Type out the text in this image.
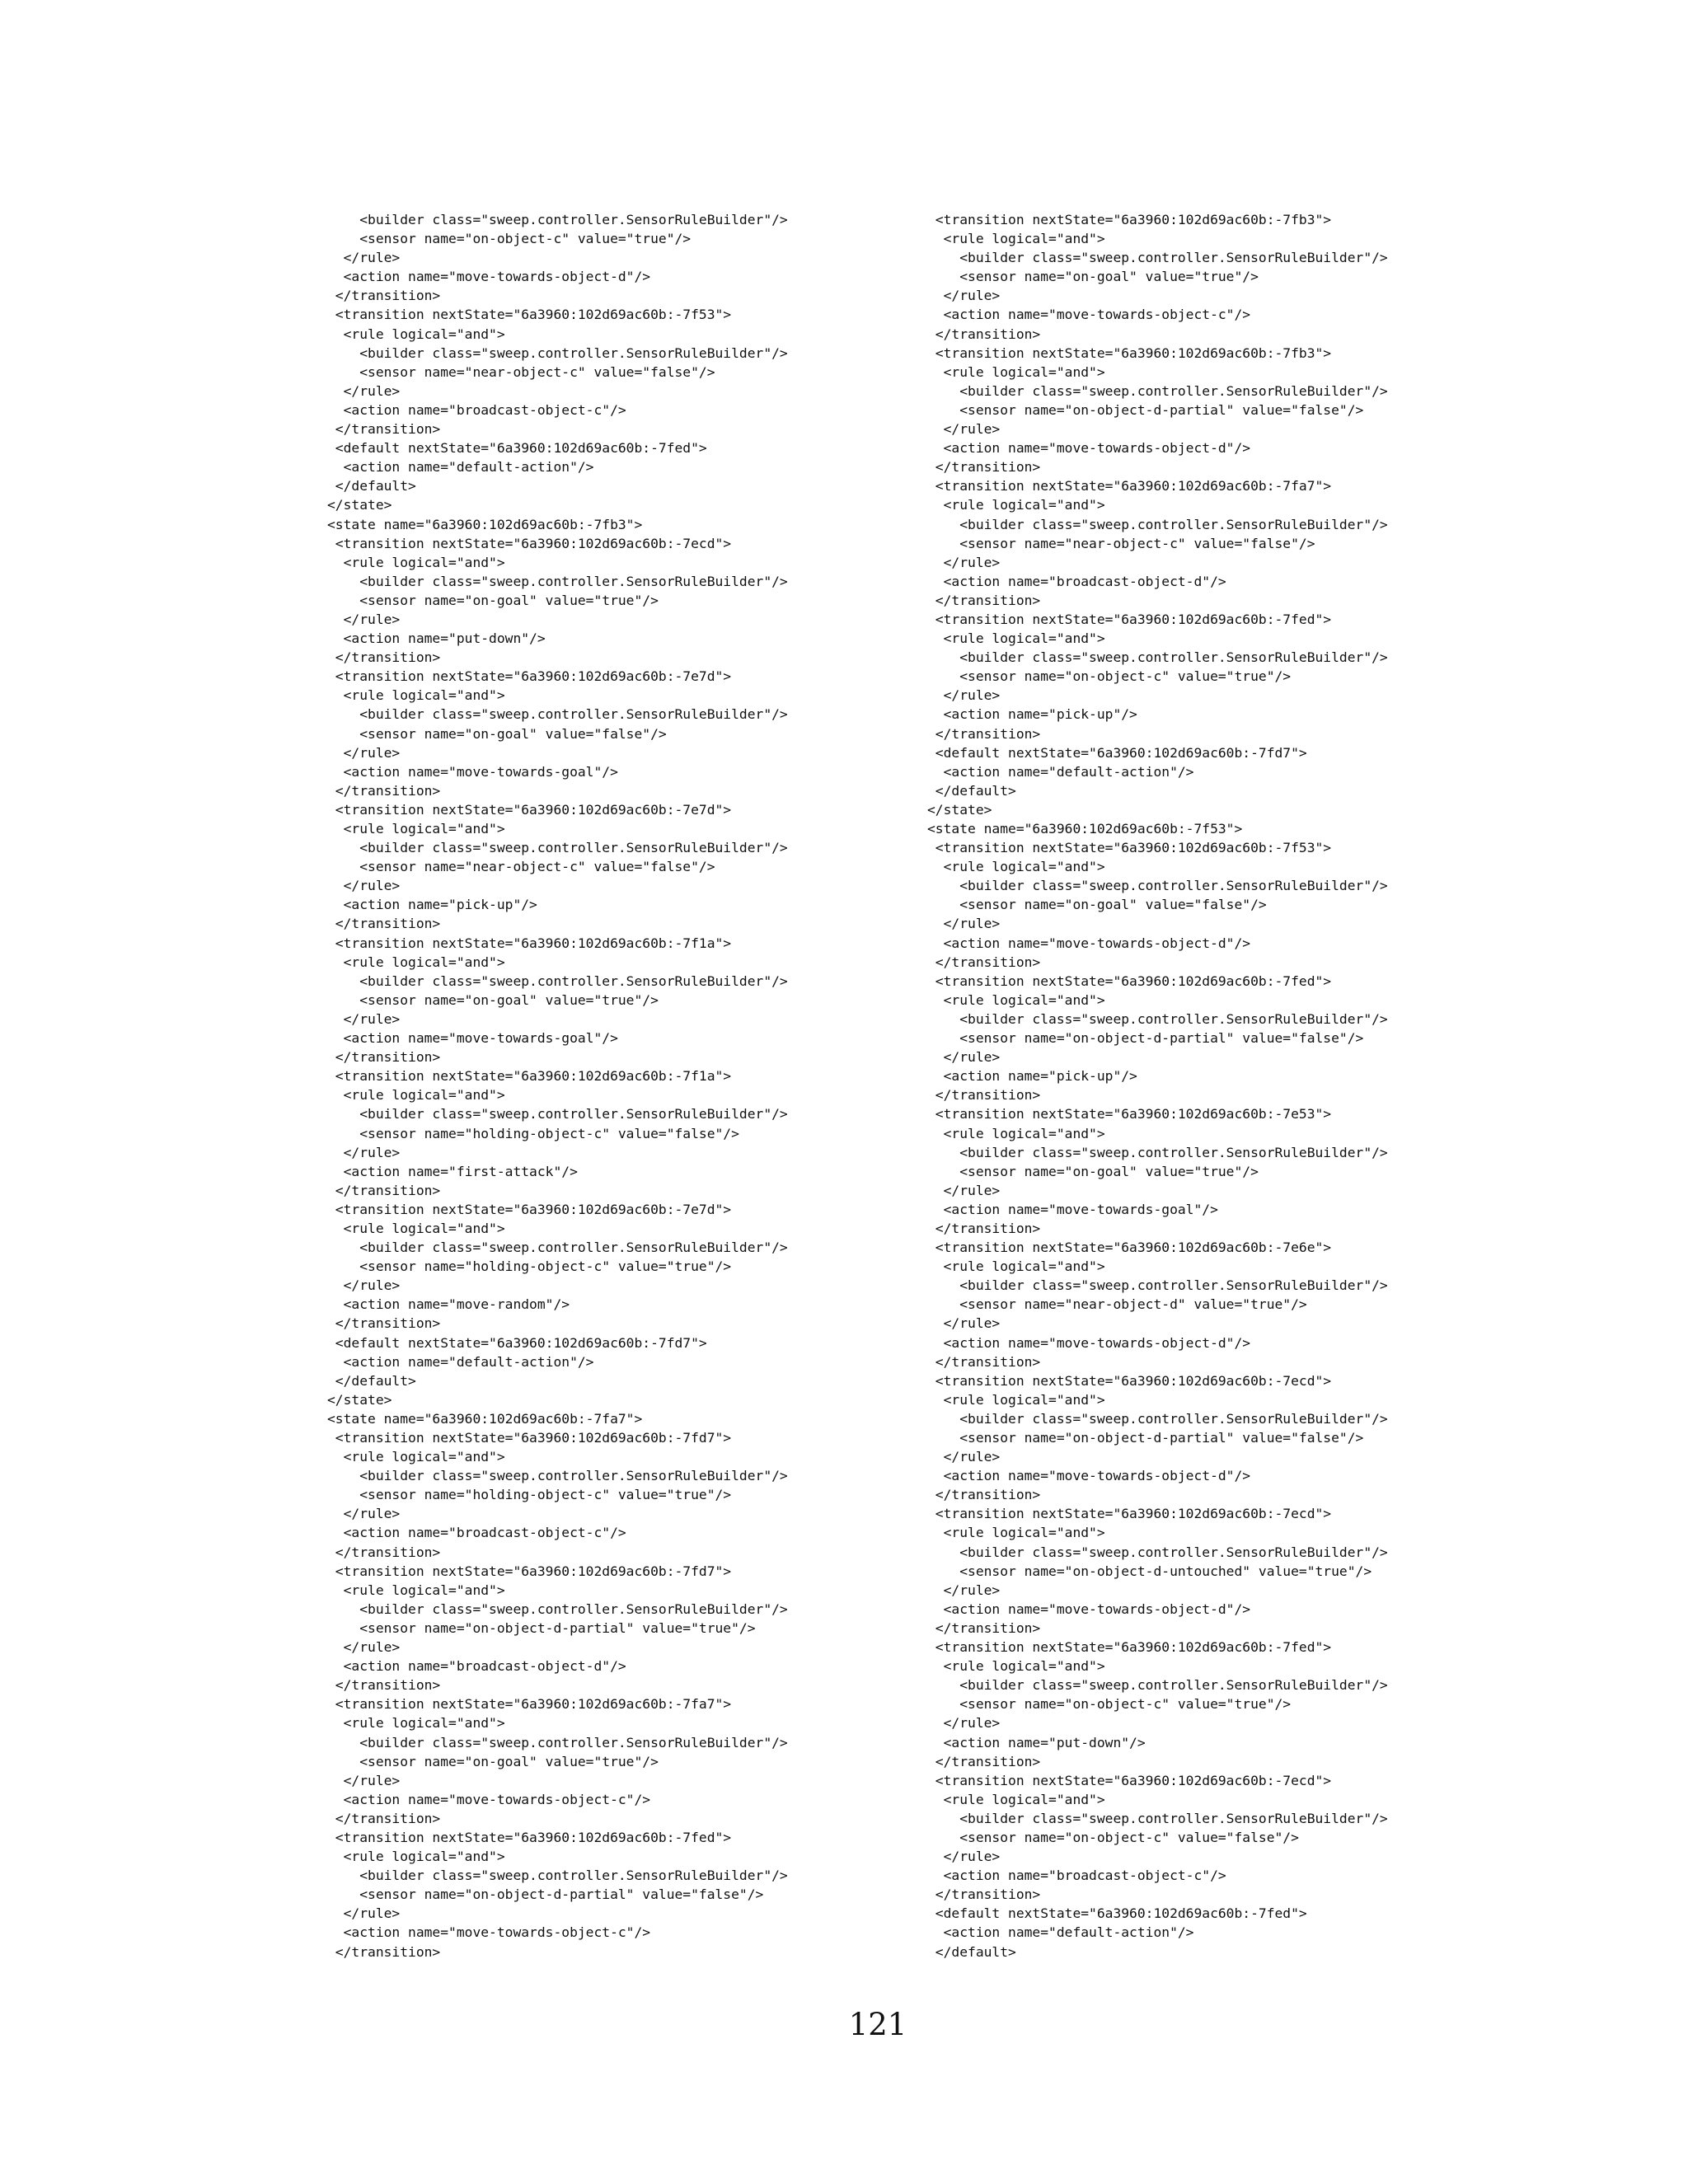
<builder class="sweep.controller.SensorRuleBuilder"/>
<sensor name="on-object-c" value="true"/>
</rule>
<action name="move-towards-object-d"/>
</transition>
<transition nextState="6a3960:102d69ac60b:-7f53">
<rule logical="and">
<builder class="sweep.controller.SensorRuleBuilder"/>
<sensor name="near-object-c" value="false"/>
</rule>
<action name="broadcast-object-c"/>
</transition>
<default nextState="6a3960:102d69ac60b:-7fed">
<action name="default-action"/>
</default>
</state>
<state name="6a3960:102d69ac60b:-7fb3">
<transition nextState="6a3960:102d69ac60b:-7ecd">
<rule logical="and">
<builder class="sweep.controller.SensorRuleBuilder"/>
<sensor name="on-goal" value="true"/>
</rule>
<action name="put-down"/>
</transition>
<transition nextState="6a3960:102d69ac60b:-7e7d">
<rule logical="and">
<builder class="sweep.controller.SensorRuleBuilder"/>
<sensor name="on-goal" value="false"/>
</rule>
<action name="move-towards-goal"/>
</transition>
<transition nextState="6a3960:102d69ac60b:-7e7d">
<rule logical="and">
<builder class="sweep.controller.SensorRuleBuilder"/>
<sensor name="near-object-c" value="false"/>
</rule>
<action name="pick-up"/>
</transition>
<transition nextState="6a3960:102d69ac60b:-7f1a">
<rule logical="and">
<builder class="sweep.controller.SensorRuleBuilder"/>
<sensor name="on-goal" value="true"/>
</rule>
<action name="move-towards-goal"/>
</transition>
<transition nextState="6a3960:102d69ac60b:-7f1a">
<rule logical="and">
<builder class="sweep.controller.SensorRuleBuilder"/>
<sensor name="holding-object-c" value="false"/>
</rule>
<action name="first-attack"/>
</transition>
<transition nextState="6a3960:102d69ac60b:-7e7d">
<rule logical="and">
<builder class="sweep.controller.SensorRuleBuilder"/>
<sensor name="holding-object-c" value="true"/>
</rule>
<action name="move-random"/>
</transition>
<default nextState="6a3960:102d69ac60b:-7fd7">
<action name="default-action"/>
</default>
</state>
<state name="6a3960:102d69ac60b:-7fa7">
<transition nextState="6a3960:102d69ac60b:-7fd7">
<rule logical="and">
<builder class="sweep.controller.SensorRuleBuilder"/>
<sensor name="holding-object-c" value="true"/>
</rule>
<action name="broadcast-object-c"/>
</transition>
<transition nextState="6a3960:102d69ac60b:-7fd7">
<rule logical="and">
<builder class="sweep.controller.SensorRuleBuilder"/>
<sensor name="on-object-d-partial" value="true"/>
</rule>
<action name="broadcast-object-d"/>
</transition>
<transition nextState="6a3960:102d69ac60b:-7fa7">
<rule logical="and">
<builder class="sweep.controller.SensorRuleBuilder"/>
<sensor name="on-goal" value="true"/>
</rule>
<action name="move-towards-object-c"/>
</transition>
<transition nextState="6a3960:102d69ac60b:-7fed">
<rule logical="and">
<builder class="sweep.controller.SensorRuleBuilder"/>
<sensor name="on-object-d-partial" value="false"/>
</rule>
<action name="move-towards-object-c"/>
</transition>
<transition nextState="6a3960:102d69ac60b:-7fb3">
<rule logical="and">
<builder class="sweep.controller.SensorRuleBuilder"/>
<sensor name="on-goal" value="true"/>
</rule>
<action name="move-towards-object-c"/>
</transition>
<transition nextState="6a3960:102d69ac60b:-7fb3">
<rule logical="and">
<builder class="sweep.controller.SensorRuleBuilder"/>
<sensor name="on-object-d-partial" value="false"/>
</rule>
<action name="move-towards-object-d"/>
</transition>
<transition nextState="6a3960:102d69ac60b:-7fa7">
<rule logical="and">
<builder class="sweep.controller.SensorRuleBuilder"/>
<sensor name="near-object-c" value="false"/>
</rule>
<action name="broadcast-object-d"/>
</transition>
<transition nextState="6a3960:102d69ac60b:-7fed">
<rule logical="and">
<builder class="sweep.controller.SensorRuleBuilder"/>
<sensor name="on-object-c" value="true"/>
</rule>
<action name="pick-up"/>
</transition>
<default nextState="6a3960:102d69ac60b:-7fd7">
<action name="default-action"/>
</default>
</state>
<state name="6a3960:102d69ac60b:-7f53">
<transition nextState="6a3960:102d69ac60b:-7f53">
<rule logical="and">
<builder class="sweep.controller.SensorRuleBuilder"/>
<sensor name="on-goal" value="false"/>
</rule>
<action name="move-towards-object-d"/>
</transition>
<transition nextState="6a3960:102d69ac60b:-7fed">
<rule logical="and">
<builder class="sweep.controller.SensorRuleBuilder"/>
<sensor name="on-object-d-partial" value="false"/>
</rule>
<action name="pick-up"/>
</transition>
<transition nextState="6a3960:102d69ac60b:-7e53">
<rule logical="and">
<builder class="sweep.controller.SensorRuleBuilder"/>
<sensor name="on-goal" value="true"/>
</rule>
<action name="move-towards-goal"/>
</transition>
<transition nextState="6a3960:102d69ac60b:-7e6e">
<rule logical="and">
<builder class="sweep.controller.SensorRuleBuilder"/>
<sensor name="near-object-d" value="true"/>
</rule>
<action name="move-towards-object-d"/>
</transition>
<transition nextState="6a3960:102d69ac60b:-7ecd">
<rule logical="and">
<builder class="sweep.controller.SensorRuleBuilder"/>
<sensor name="on-object-d-partial" value="false"/>
</rule>
<action name="move-towards-object-d"/>
</transition>
<transition nextState="6a3960:102d69ac60b:-7ecd">
<rule logical="and">
<builder class="sweep.controller.SensorRuleBuilder"/>
<sensor name="on-object-d-untouched" value="true"/>
</rule>
<action name="move-towards-object-d"/>
</transition>
<transition nextState="6a3960:102d69ac60b:-7fed">
<rule logical="and">
<builder class="sweep.controller.SensorRuleBuilder"/>
<sensor name="on-object-c" value="true"/>
</rule>
<action name="put-down"/>
</transition>
<transition nextState="6a3960:102d69ac60b:-7ecd">
<rule logical="and">
<builder class="sweep.controller.SensorRuleBuilder"/>
<sensor name="on-object-c" value="false"/>
</rule>
<action name="broadcast-object-c"/>
</transition>
<default nextState="6a3960:102d69ac60b:-7fed">
<action name="default-action"/>
</default>
121
